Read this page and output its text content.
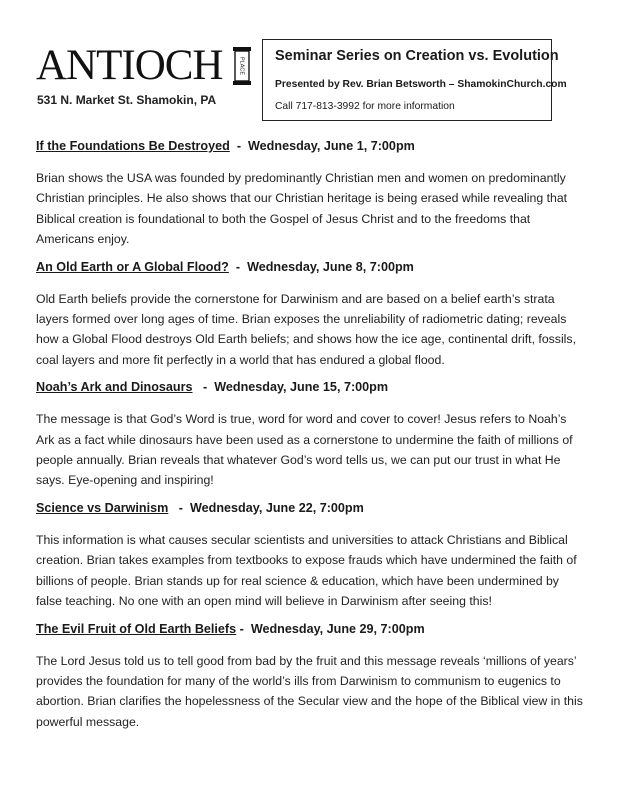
ANTIOCH	PLACE
531 N. Market St. Shamokin, PA
Seminar Series on Creation vs. Evolution
Presented by Rev. Brian Betsworth – ShamokinChurch.com
Call 717-813-3992 for more information
If the Foundations Be Destroyed  -  Wednesday, June 1, 7:00pm

Brian shows the USA was founded by predominantly Christian men and women on predominantly Christian principles. He also shows that our Christian heritage is being erased while revealing that Biblical creation is foundational to both the Gospel of Jesus Christ and to the freedoms that Americans enjoy.

An Old Earth or A Global Flood?  -  Wednesday, June 8, 7:00pm

Old Earth beliefs provide the cornerstone for Darwinism and are based on a belief earth’s strata layers formed over long ages of time. Brian exposes the unreliability of radiometric dating; reveals how a Global Flood destroys Old Earth beliefs; and shows how the ice age, continental drift, fossils, coal layers and more fit perfectly in a world that has endured a global flood.

Noah’s Ark and Dinosaurs   -  Wednesday, June 15, 7:00pm

The message is that God’s Word is true, word for word and cover to cover! Jesus refers to Noah’s Ark as a fact while dinosaurs have been used as a cornerstone to undermine the faith of millions of people annually. Brian reveals that whatever God’s word tells us, we can put our trust in what He says. Eye-opening and inspiring!

Science vs Darwinism   -  Wednesday, June 22, 7:00pm

This information is what causes secular scientists and universities to attack Christians and Biblical creation. Brian takes examples from textbooks to expose frauds which have undermined the faith of billions of people. Brian stands up for real science & education, which have been undermined by false teaching. No one with an open mind will believe in Darwinism after seeing this!

The Evil Fruit of Old Earth Beliefs -  Wednesday, June 29, 7:00pm

The Lord Jesus told us to tell good from bad by the fruit and this message reveals ‘millions of years’ provides the foundation for many of the world’s ills from Darwinism to communism to eugenics to abortion. Brian clarifies the hopelessness of the Secular view and the hope of the Biblical view in this powerful message.
